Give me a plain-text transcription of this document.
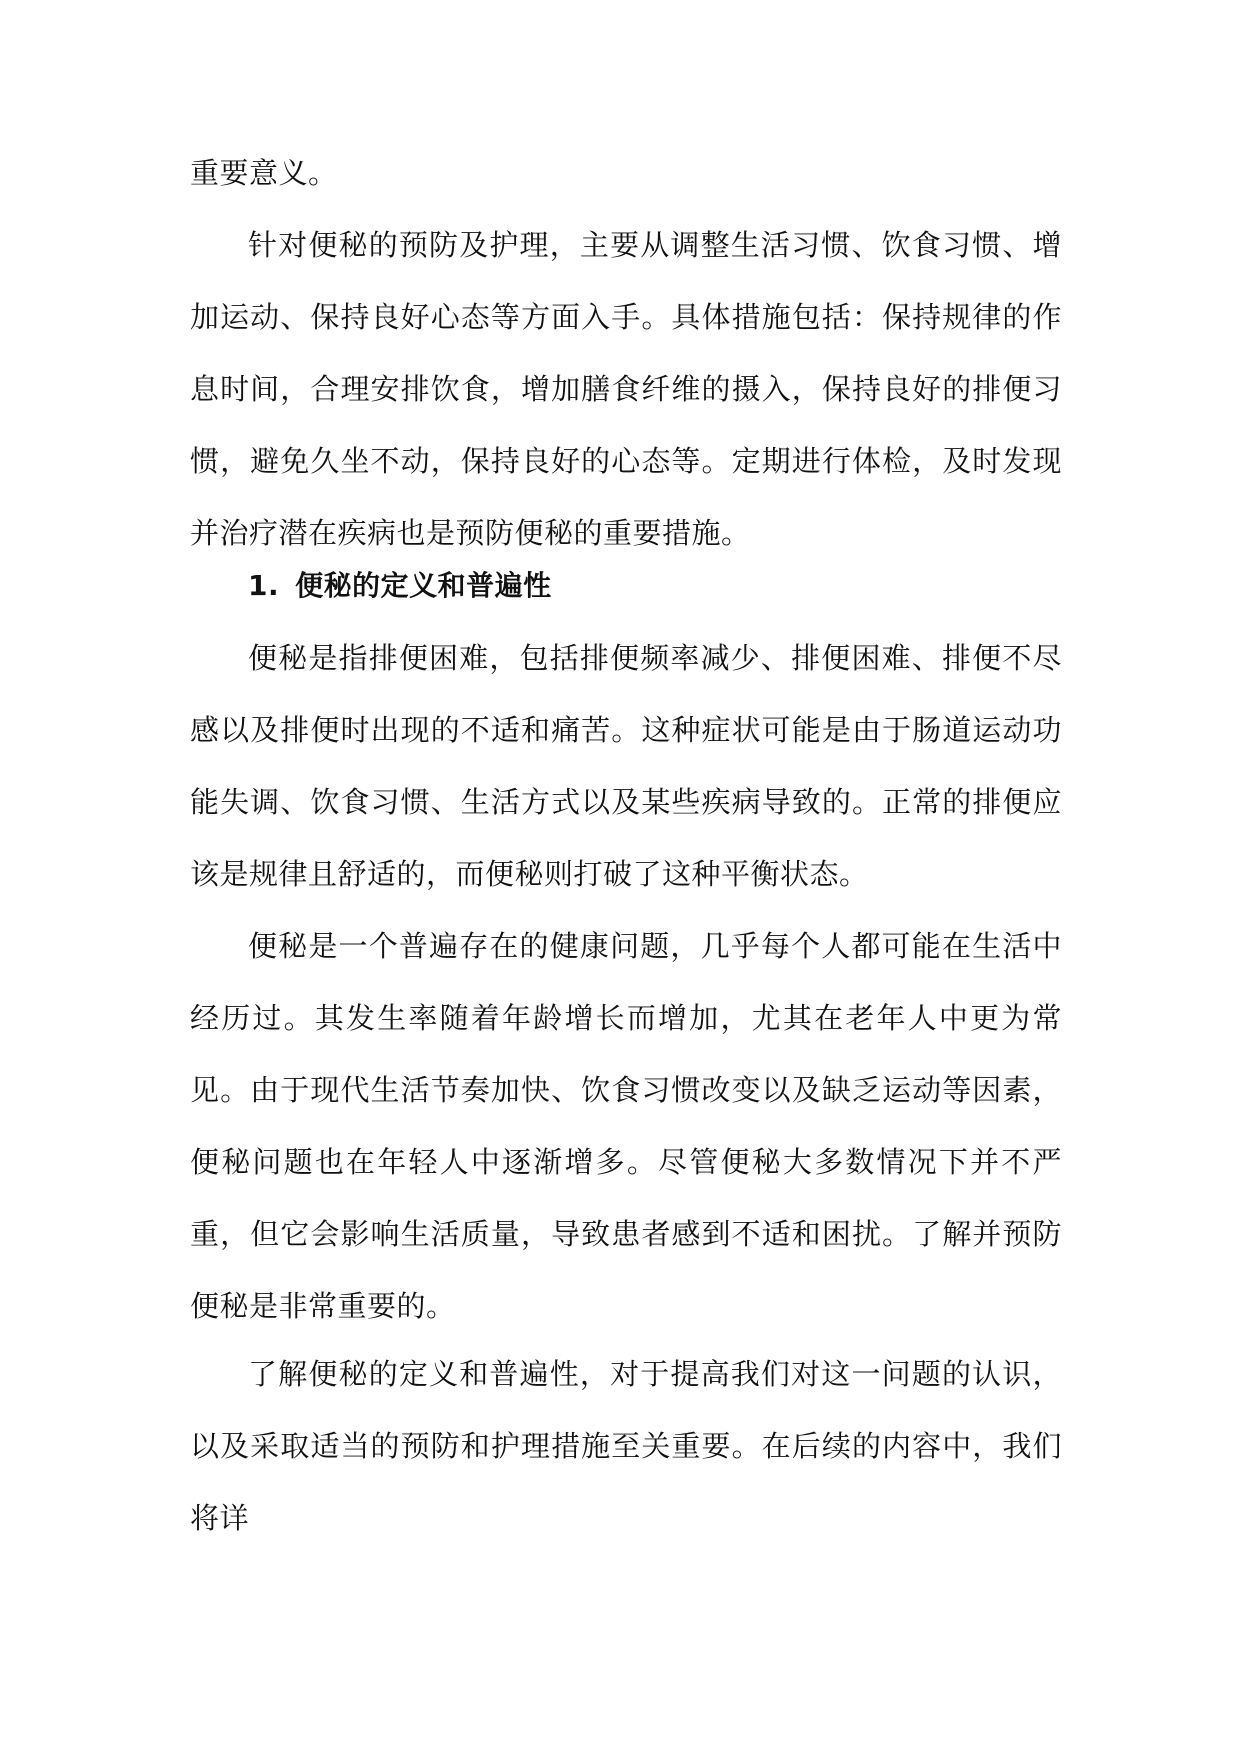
重要意义。
针对便秘的预防及护理，主要从调整生活习惯、饮食习惯、增加运动、保持良好心态等方面入手。具体措施包括：保持规律的作息时间，合理安排饮食，增加膳食纤维的摄入，保持良好的排便习惯，避免久坐不动，保持良好的心态等。定期进行体检，及时发现并治疗潜在疾病也是预防便秘的重要措施。
1. 便秘的定义和普遍性
便秘是指排便困难，包括排便频率减少、排便困难、排便不尽感以及排便时出现的不适和痛苦。这种症状可能是由于肠道运动功能失调、饮食习惯、生活方式以及某些疾病导致的。正常的排便应该是规律且舒适的，而便秘则打破了这种平衡状态。
便秘是一个普遍存在的健康问题，几乎每个人都可能在生活中经历过。其发生率随着年龄增长而增加，尤其在老年人中更为常见。由于现代生活节奏加快、饮食习惯改变以及缺乏运动等因素，便秘问题也在年轻人中逐渐增多。尽管便秘大多数情况下并不严重，但它会影响生活质量，导致患者感到不适和困扰。了解并预防便秘是非常重要的。
了解便秘的定义和普遍性，对于提高我们对这一问题的认识，以及采取适当的预防和护理措施至关重要。在后续的内容中，我们将详
